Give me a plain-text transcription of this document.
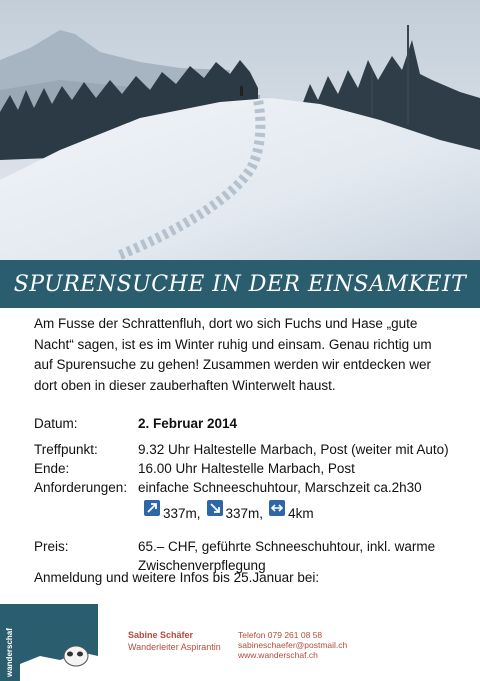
SPURENSUCHE IN DER EINSAMKEIT
Am Fusse der Schrattenfluh, dort wo sich Fuchs und Hase „gute Nacht“ sagen, ist es im Winter ruhig und einsam. Genau richtig um auf Spurensuche zu gehen! Zusammen werden wir entdecken wer dort oben in dieser zauberhaften Winterwelt haust.
Datum:	2. Februar 2014
Treffpunkt:	9.32 Uhr Haltestelle Marbach, Post (weiter mit Auto)
Ende:	16.00 Uhr Haltestelle Marbach, Post
Anforderungen: einfache Schneeschuhtour, Marschzeit ca.2h30
337m, 337m, 4km
Preis:	65.– CHF, geführte Schneeschuhtour, inkl. warme Zwischenverpflegung
Anmeldung und weitere Infos bis 25.Januar bei:
wanderschaf	Sabine Schäfer
Wanderleiter Aspirantin
Telefon 079 261 08 58
sabineschaefer@postmail.ch
www.wanderschaf.ch
